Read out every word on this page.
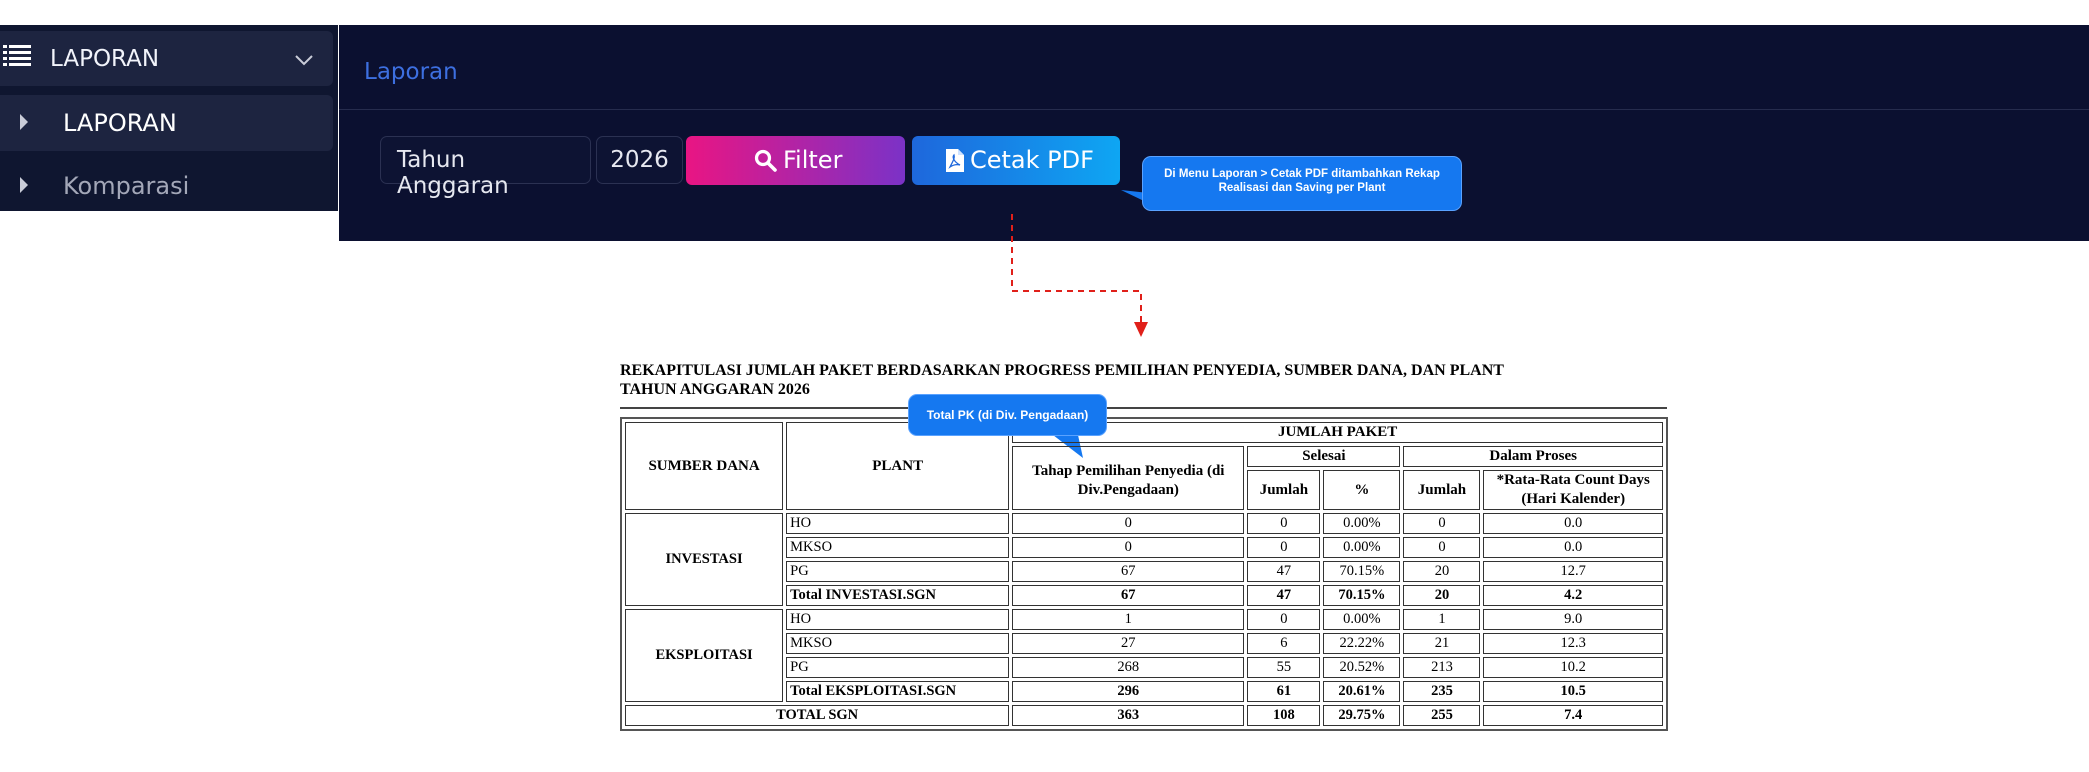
LAPORAN
LAPORAN
Komparasi
Laporan
Tahun Anggaran
2026	Filter	Cetak PDF	Di Menu Laporan > Cetak PDF ditambahkan Rekap Realisasi dan Saving per Plant
REKAPITULASI JUMLAH PAKET BERDASARKAN PROGRESS PEMILIHAN PENYEDIA, SUMBER DANA, DAN PLANT
TAHUN ANGGARAN 2026
SUMBER DANA	PLANT	JUMLAH PAKET				
		Tahap Pemilihan Penyedia (di Div.Pengadaan)	Selesai		Dalam Proses	
			Jumlah	%	Jumlah	*Rata-Rata Count Days (Hari Kalender)
INVESTASI	HO	0	0	0.00%	0	0.0
	MKSO	0	0	0.00%	0	0.0
	PG	67	47	70.15%	20	12.7
	Total INVESTASI.SGN	67	47	70.15%	20	4.2
EKSPLOITASI	HO	1	0	0.00%	1	9.0
	MKSO	27	6	22.22%	21	12.3
	PG	268	55	20.52%	213	10.2
	Total EKSPLOITASI.SGN	296	61	20.61%	235	10.5
TOTAL SGN		363	108	29.75%	255	7.4
Total PK (di Div. Pengadaan)
